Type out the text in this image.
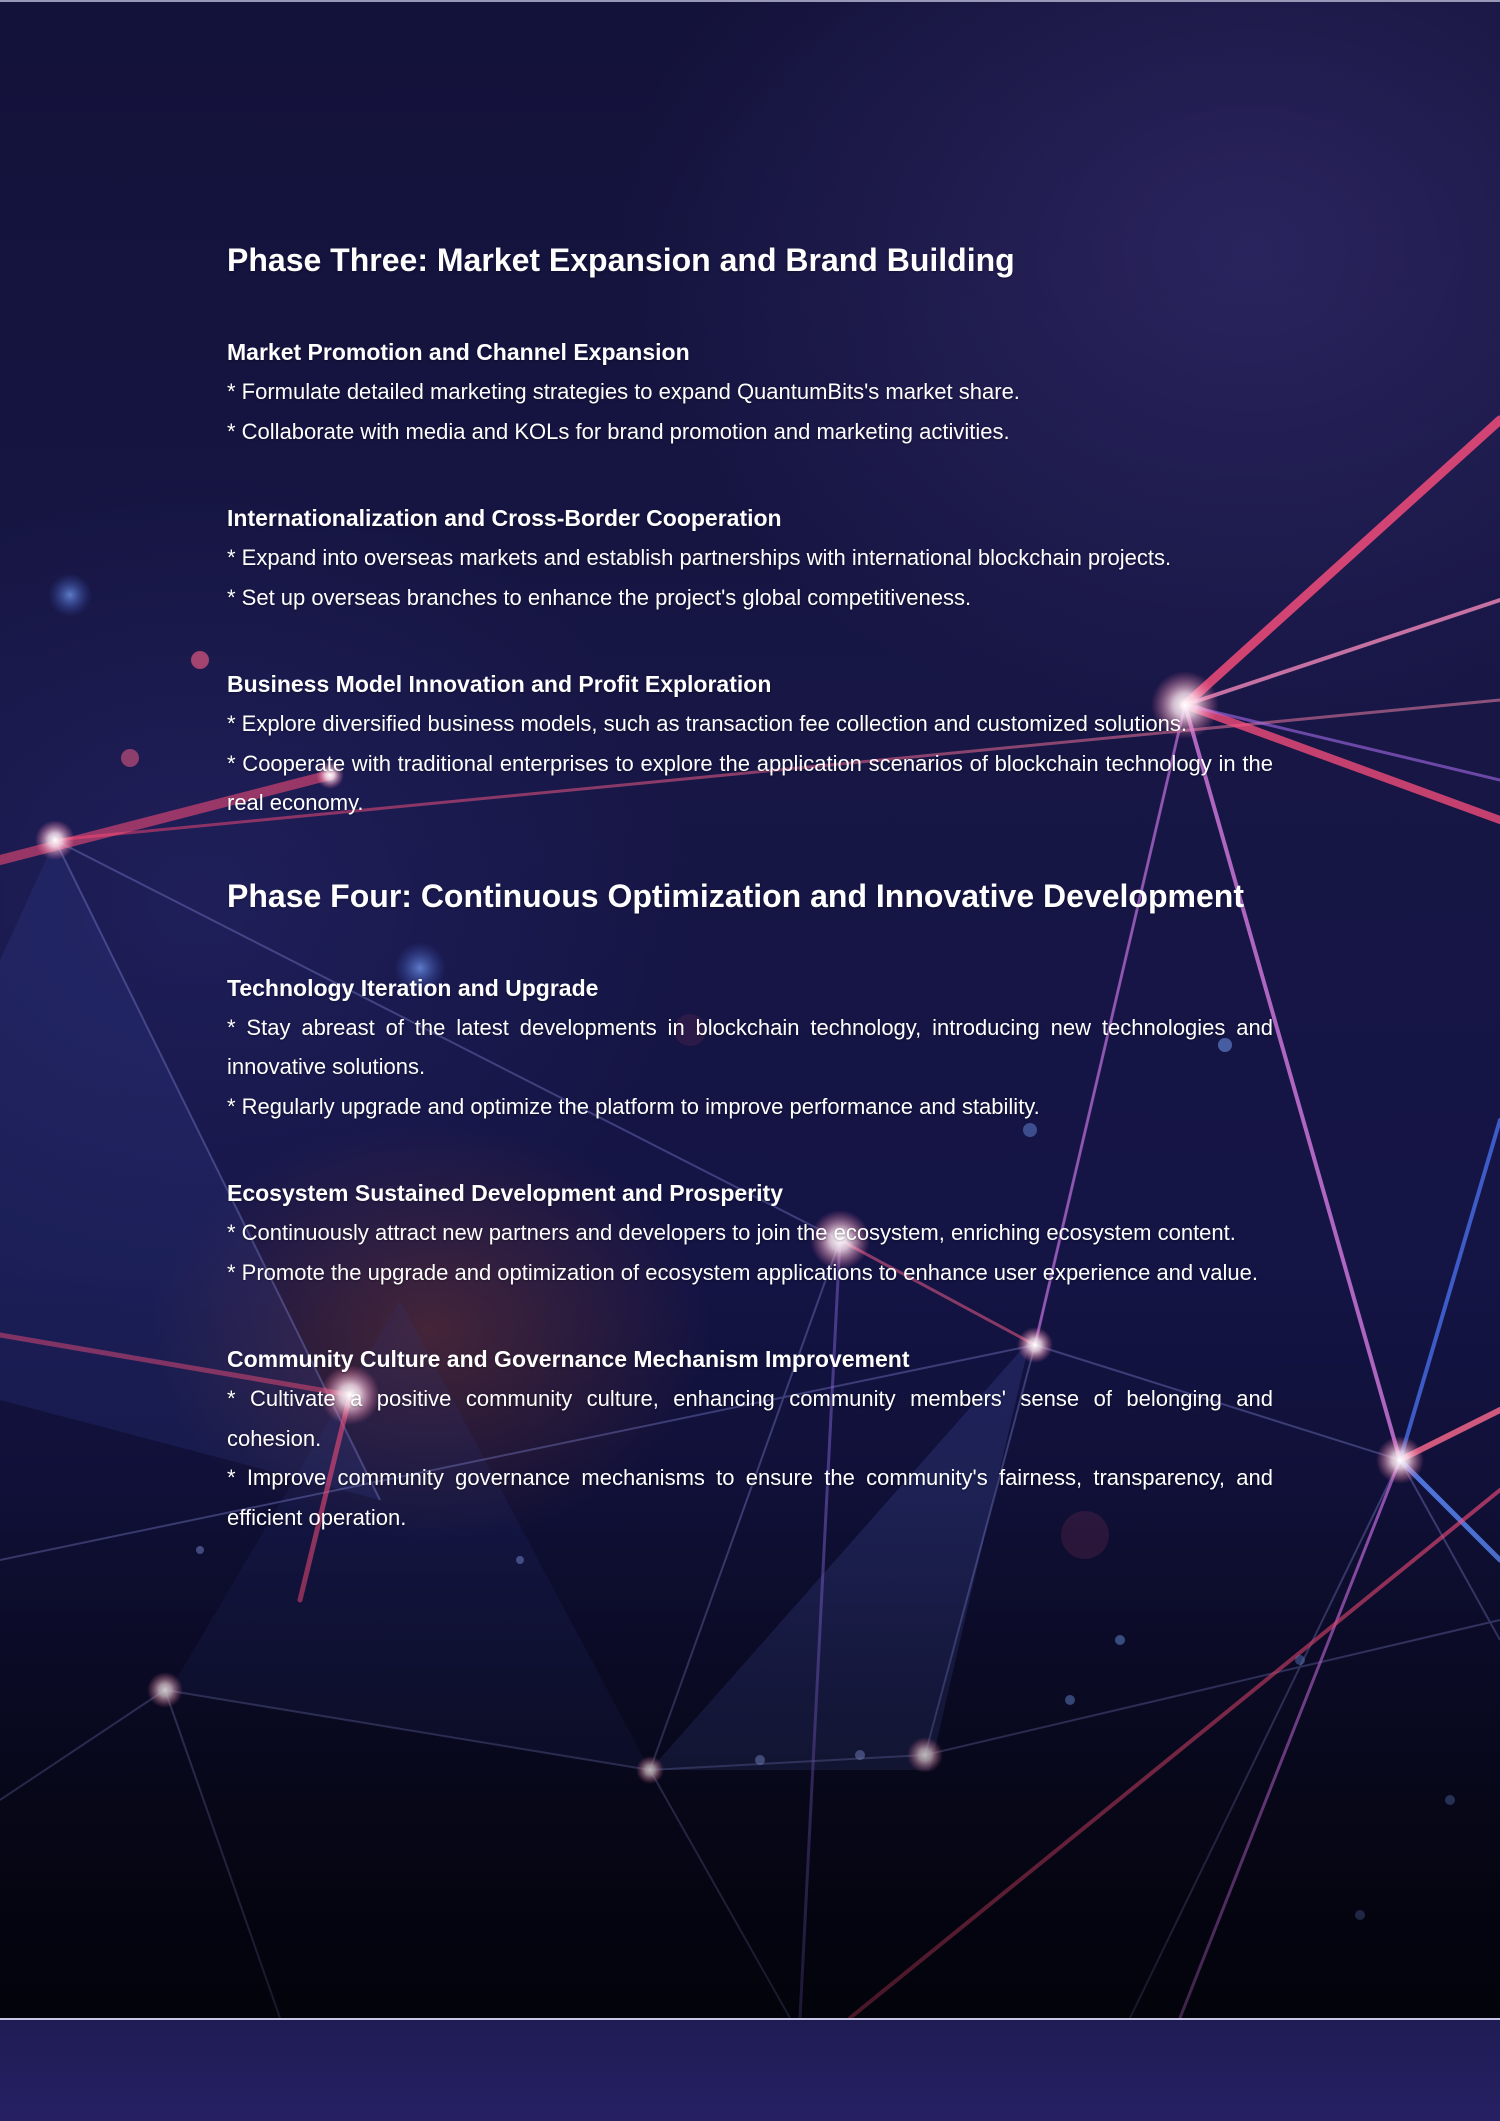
Phase Three: Market Expansion and Brand Building
Market Promotion and Channel Expansion

* Formulate detailed marketing strategies to expand QuantumBits's market share.

* Collaborate with media and KOLs for brand promotion and marketing activities.

Internationalization and Cross-Border Cooperation

* Expand into overseas markets and establish partnerships with international blockchain projects.

* Set up overseas branches to enhance the project's global competitiveness.

Business Model Innovation and Profit Exploration

* Explore diversified business models, such as transaction fee collection and customized solutions.

* Cooperate with traditional enterprises to explore the application scenarios of blockchain technology in the real economy.

Phase Four: Continuous Optimization and Innovative Development
Technology Iteration and Upgrade

* Stay abreast of the latest developments in blockchain technology, introducing new technologies and innovative solutions.

* Regularly upgrade and optimize the platform to improve performance and stability.

Ecosystem Sustained Development and Prosperity

* Continuously attract new partners and developers to join the ecosystem, enriching ecosystem content.

* Promote the upgrade and optimization of ecosystem applications to enhance user experience and value.

Community Culture and Governance Mechanism Improvement

* Cultivate a positive community culture, enhancing community members' sense of belonging and cohesion.

* Improve community governance mechanisms to ensure the community's fairness, transparency, and efficient operation.
